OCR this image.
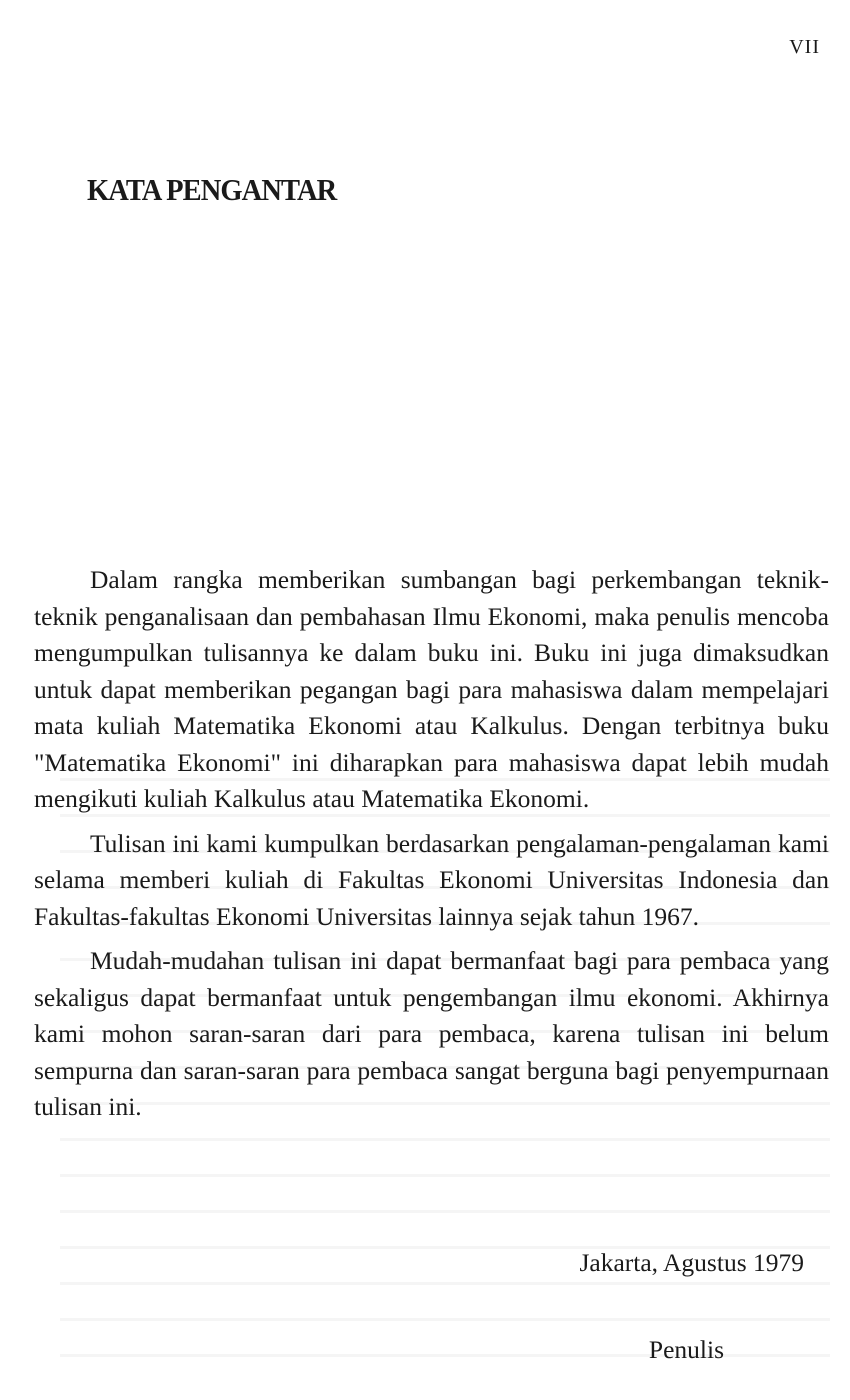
VII
KATA PENGANTAR

Dalam rangka memberikan sumbangan bagi perkembangan teknik-teknik penganalisaan dan pembahasan Ilmu Ekonomi, maka penulis mencoba mengumpulkan tulisannya ke dalam buku ini. Buku ini juga dimaksudkan untuk dapat memberikan pegangan bagi para mahasiswa dalam mempelajari mata kuliah Matematika Ekonomi atau Kalkulus. Dengan terbitnya buku "Matematika Ekonomi" ini diharapkan para mahasiswa dapat lebih mudah mengikuti kuliah Kalkulus atau Matematika Ekonomi.

Tulisan ini kami kumpulkan berdasarkan pengalaman-pengalaman kami selama memberi kuliah di Fakultas Ekonomi Universitas Indonesia dan Fakultas-fakultas Ekonomi Universitas lainnya sejak tahun 1967.

Mudah-mudahan tulisan ini dapat bermanfaat bagi para pembaca yang sekaligus dapat bermanfaat untuk pengembangan ilmu ekonomi. Akhirnya kami mohon saran-saran dari para pembaca, karena tulisan ini belum sempurna dan saran-saran para pembaca sangat berguna bagi penyempurnaan tulisan ini.

Jakarta, Agustus 1979
Penulis
